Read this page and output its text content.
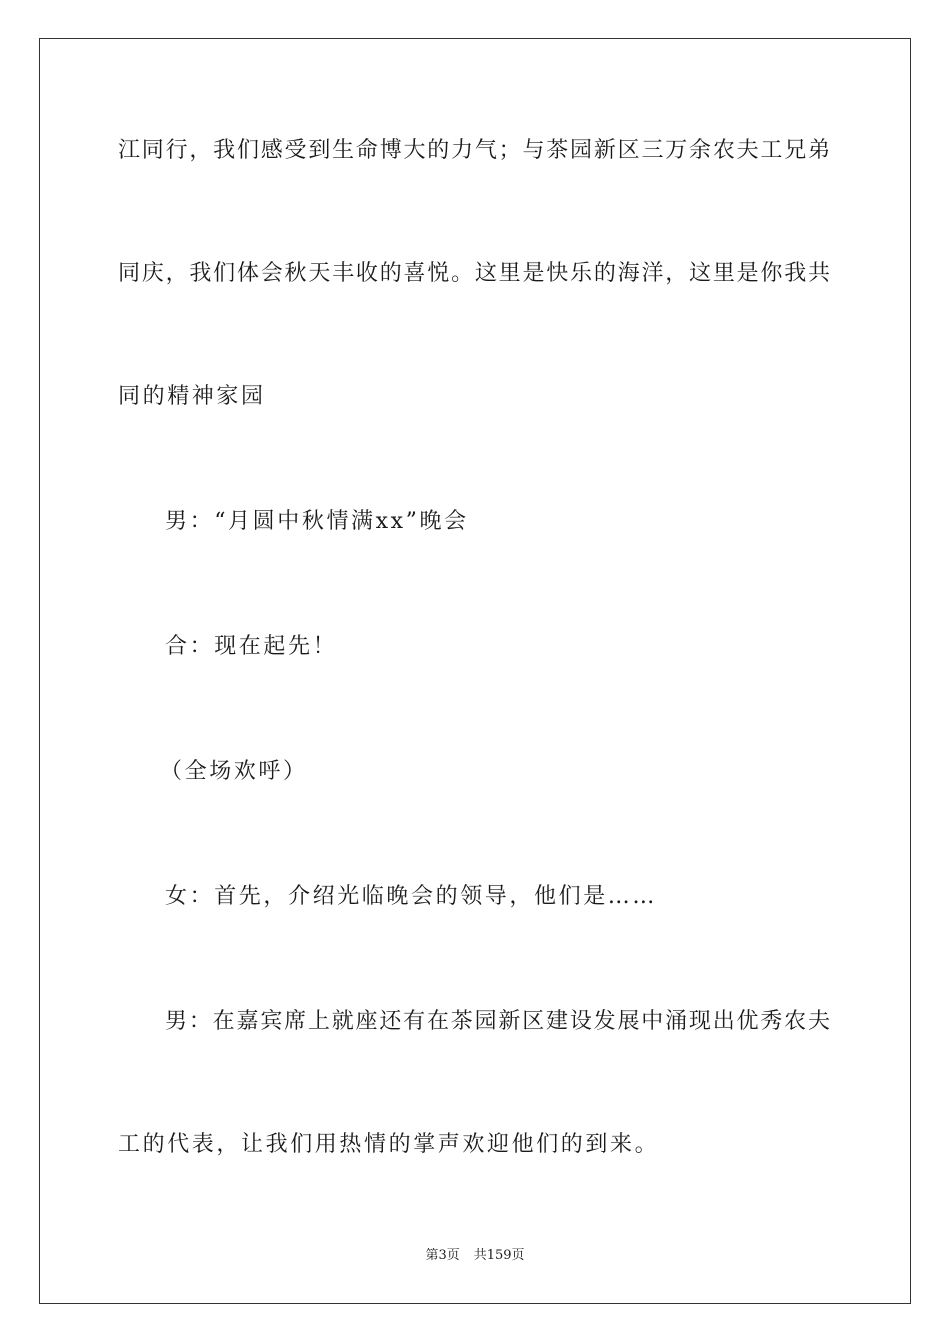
江同行，我们感受到生命博大的力气；与茶园新区三万余农夫工兄弟
同庆，我们体会秋天丰收的喜悦。这里是快乐的海洋，这里是你我共
同的精神家园
男：“月圆中秋情满xx”晚会
合：现在起先！
（全场欢呼）
女：首先，介绍光临晚会的领导，他们是……
男：在嘉宾席上就座还有在茶园新区建设发展中涌现出优秀农夫
工的代表，让我们用热情的掌声欢迎他们的到来。
第3页 共159页
